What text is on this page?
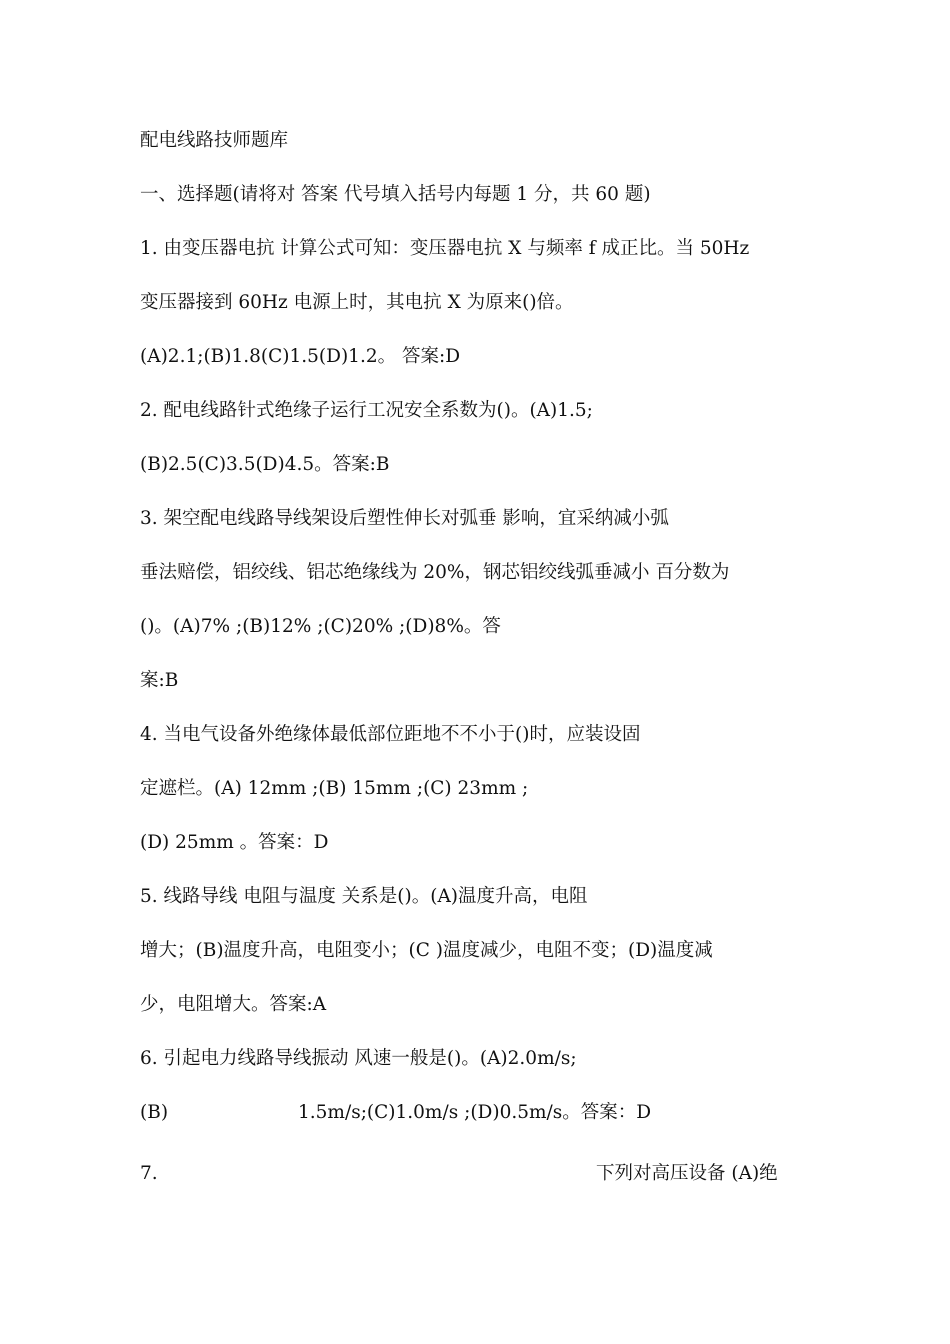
配电线路技师题库
一、选择题(请将对 答案 代号填入括号内每题 1 分，共 60 题)
1. 由变压器电抗 计算公式可知：变压器电抗 X 与频率 f 成正比。当 50Hz
变压器接到 60Hz 电源上时，其电抗 X 为原来()倍。
(A)2.1;(B)1.8(C)1.5(D)1.2。 答案:D
2. 配电线路针式绝缘子运行工况安全系数为()。(A)1.5;
(B)2.5(C)3.5(D)4.5。答案:B
3. 架空配电线路导线架设后塑性伸长对弧垂 影响，宜采纳减小弧
垂法赔偿，铝绞线、铝芯绝缘线为 20%，钢芯铝绞线弧垂减小 百分数为
()。(A)7% ;(B)12% ;(C)20% ;(D)8%。答
案:B
4. 当电气设备外绝缘体最低部位距地不不小于()时，应装设固
定遮栏。(A) 12mm ;(B) 15mm ;(C) 23mm ;
(D) 25mm 。答案：D
5. 线路导线 电阻与温度 关系是()。(A)温度升高，电阻
增大；(B)温度升高，电阻变小；(C )温度减少，电阻不变；(D)温度减
少，电阻增大。答案:A
6. 引起电力线路导线振动 风速一般是()。(A)2.0m/s;

(B)

	1.5m/s;(C)1.0m/s ;(D)0.5m/s。答案：D

7.

	下列对高压设备 (A)绝
